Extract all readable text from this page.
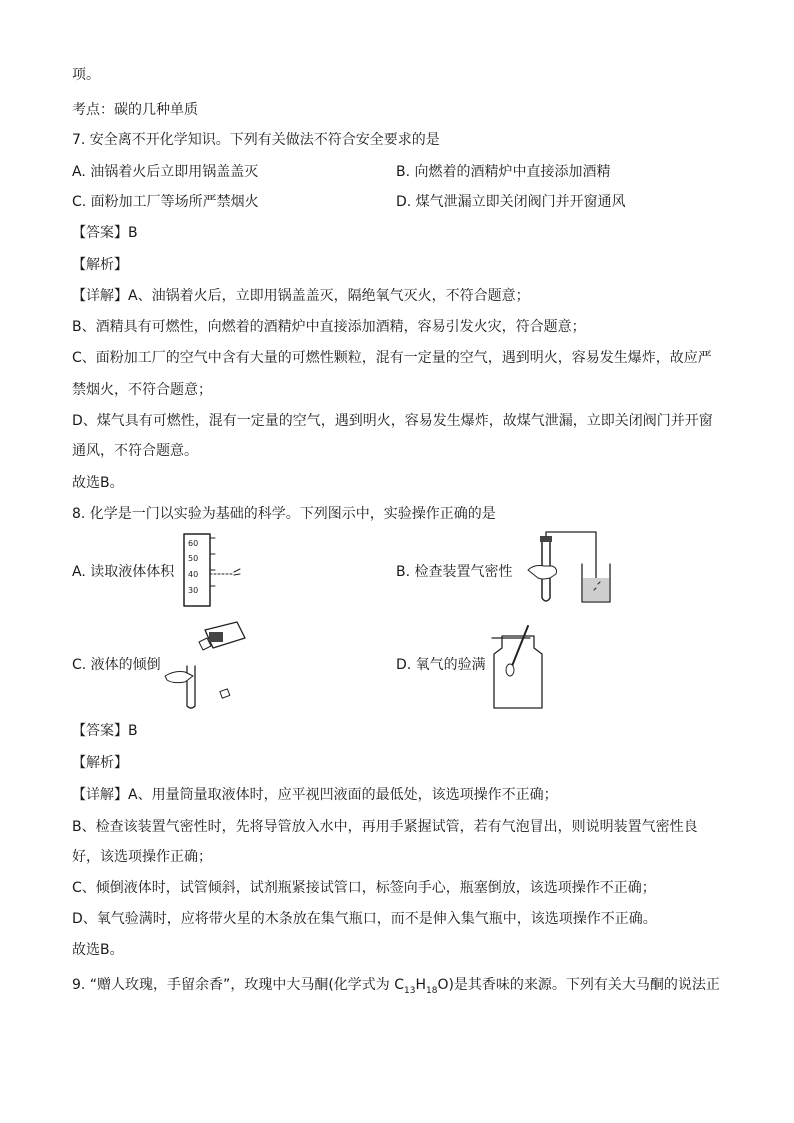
项。
考点：碳的几种单质
7. 安全离不开化学知识。下列有关做法不符合安全要求的是
A. 油锅着火后立即用锅盖盖灭	B. 向燃着的酒精炉中直接添加酒精
C. 面粉加工厂等场所严禁烟火	D. 煤气泄漏立即关闭阀门并开窗通风
【答案】B
【解析】
【详解】A、油锅着火后，立即用锅盖盖灭，隔绝氧气灭火，不符合题意；
B、酒精具有可燃性，向燃着的酒精炉中直接添加酒精，容易引发火灾，符合题意；
C、面粉加工厂的空气中含有大量的可燃性颗粒，混有一定量的空气，遇到明火，容易发生爆炸，故应严
禁烟火，不符合题意；
D、煤气具有可燃性，混有一定量的空气，遇到明火，容易发生爆炸，故煤气泄漏，立即关闭阀门并开窗
通风，不符合题意。
故选B。
8. 化学是一门以实验为基础的科学。下列图示中，实验操作正确的是
A. 读取液体体积
60
50
40
30
B. 检查装置气密性
C. 液体的倾倒	D. 氧气的验满
【答案】B
【解析】
【详解】A、用量筒量取液体时，应平视凹液面的最低处，该选项操作不正确；
B、检查该装置气密性时，先将导管放入水中，再用手紧握试管，若有气泡冒出，则说明装置气密性良
好，该选项操作正确；
C、倾倒液体时，试管倾斜，试剂瓶紧接试管口，标签向手心，瓶塞倒放，该选项操作不正确；
D、氧气验满时，应将带火星的木条放在集气瓶口，而不是伸入集气瓶中，该选项操作不正确。
故选B。
9. “赠人玫瑰，手留余香”，玫瑰中大马酮(化学式为 $C_{13}H_{18}O$)是其香味的来源。下列有关大马酮的说法正
